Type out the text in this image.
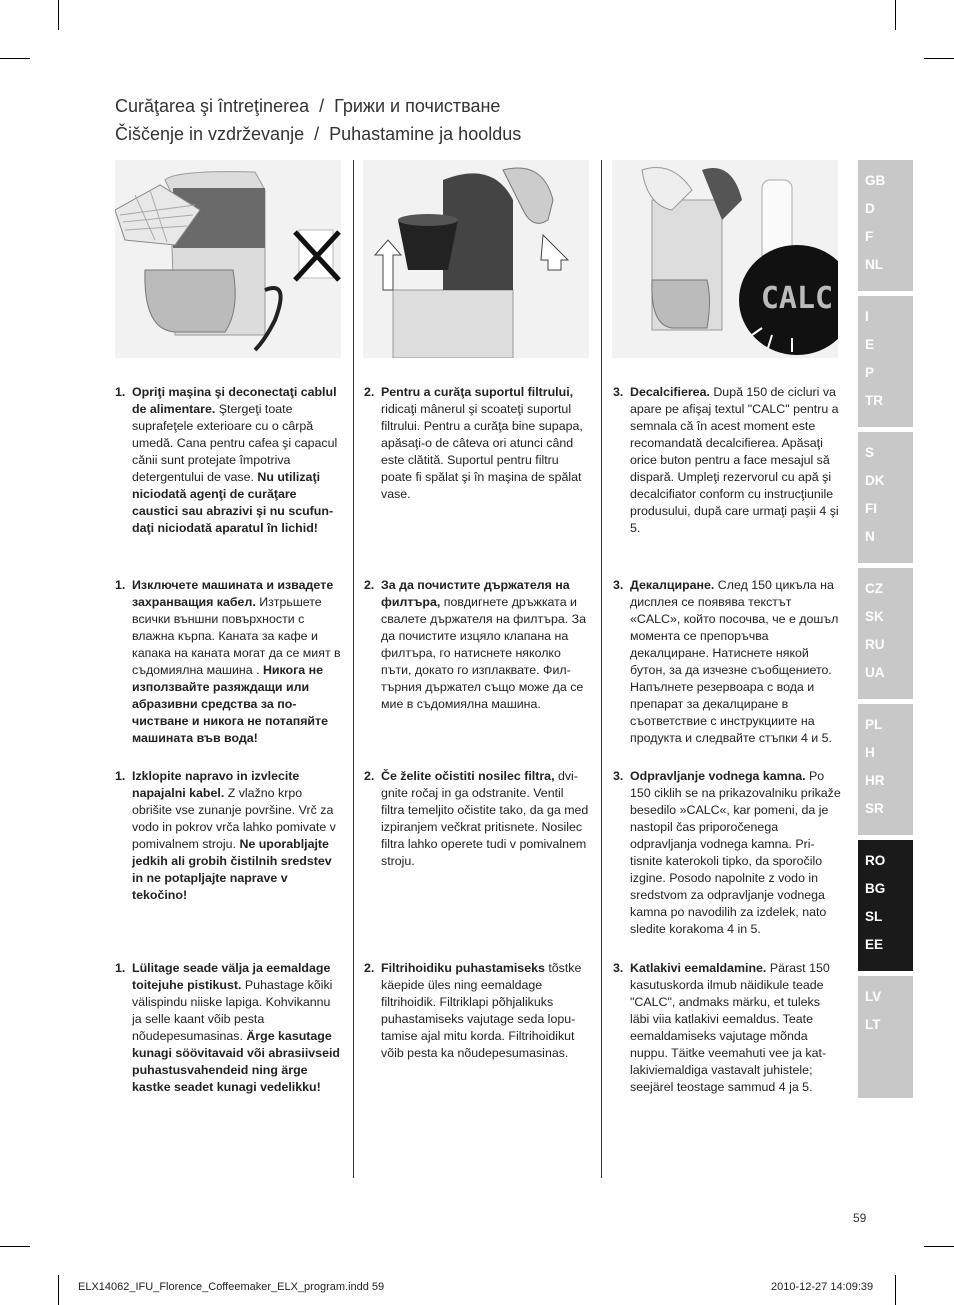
Curăţarea şi întreţinerea / Грижи и почистване
Čiščenje in vzdrževanje / Puhastamine ja hooldus
CALC
1. Opriţi maşina şi deconectaţi cablul de alimentare. Ştergeţi toate suprafeţele exterioare cu o cârpă umedă. Cana pentru cafea şi capacul cănii sunt protejate împotriva detergentului de vase. Nu utilizaţi niciodată agenţi de curăţare caustici sau abrazivi şi nu scufundaţi niciodată aparatul în lichid!
1. Изключете машината и извадeте захранващия кабел. Изтрьшете всички външни повърхности с влажна кърпа. Каната за кафе и капака на каната могат да се мият в съдомиялна машина . Никога не използвайте разяждащи или абразивни средства за почистване и никога не потапяйте машината във вода!
1. Izklopite napravo in izvlecite napajalni kabel. Z vlažno krpo obrišite vse zunanje površine. Vrč za vodo in pokrov vrča lahko pomivate v pomivalnem stroju. Ne uporabljajte jedkih ali grobih čistilnih sredstev in ne potapljajte naprave v tekočino!
1. Lülitage seade välja ja eemaldage toitejuhe pistikust. Puhastage kõiki välispindu niiske lapiga. Kohvikannu ja selle kaant võib pesta nõudepesumasinas. Ärge kasutage kunagi söövitavaid või abrasiivseid puhastusvahendeid ning ärge kastke seadet kunagi vedelikku!
2. Pentru a curăţa suportul filtrului, ridicaţi mânerul şi scoateţi suportul filtrului. Pentru a curăţa bine supapa, apăsaţi-o de câteva ori atunci când este clătită. Suportul pentru filtru poate fi spălat şi în maşina de spălat vase.
2. За да почистите държателя на филтъра, повдигнете дръжката и свалете държателя на филтъра. За да почистите изцяло клапана на филтъра, го натиснете няколко пъти, докато го изплаквате. Филтърния държател също може да се мие в съдомиялна машина.
2. Če želite očistiti nosilec filtra, dvignite ročaj in ga odstranite. Ventil filtra temeljito očistite tako, da ga med izpiranjem večkrat pritisnete. Nosilec filtra lahko operete tudi v pomivalnem stroju.
2. Filtrihoidiku puhastamiseks tõstke käepide üles ning eemaldage filtrihoidik. Filtriklapi põhjalikuks puhastamiseks vajutage seda loputamise ajal mitu korda. Filtrihoidikut võib pesta ka nõudepesumasinas.
3. Decalcifierea. După 150 de cicluri va apare pe afişaj textul "CALC" pentru a semnala că în acest moment este recomandată decalcifierea. Apăsaţi orice buton pentru a face mesajul să dispară. Umpleţi rezervorul cu apă şi decalcifiator conform cu instrucţiunile produsului, după care urmaţi paşii 4 şi 5.
3. Декалциране. След 150 цикъла на дисплея се появява текстът «CALC», който посочва, че е дошъл момента се препоръчва декалциране. Натиснете някой бутон, за да изчезне съобщението. Напълнете резервоара с вода и препарат за декалциране в съответствие с инструкциите на продукта и следвайте стъпки 4 и 5.
3. Odpravljanje vodnega kamna. Po 150 ciklih se na prikazovalniku prikaže besedilo »CALC«, kar pomeni, da je nastopil čas priporočenega odpravljanja vodnega kamna. Pritisnite katerokoli tipko, da sporočilo izgine. Posodo napolnite z vodo in sredstvom za odpravljanje vodnega kamna po navodilih za izdelek, nato sledite korakoma 4 in 5.
3. Katlakivi eemaldamine. Pärast 150 kasutuskorda ilmub näidikule teade "CALC", andmaks märku, et tuleks läbi viia katlakivi eemaldus. Teate eemaldamiseks vajutage mõnda nuppu. Täitke veemahuti vee ja katlakiviemaldiga vastavalt juhistele; seejärel teostage sammud 4 ja 5.
GB
D
F
NL
I
E
P
TR
S
DK
FI
N
CZ
SK
RU
UA
PL
H
HR
SR
RO
BG
SL
EE
LV
LT
59
ELX14062_IFU_Florence_Coffeemaker_ELX_program.indd 59	2010-12-27 14:09:39
